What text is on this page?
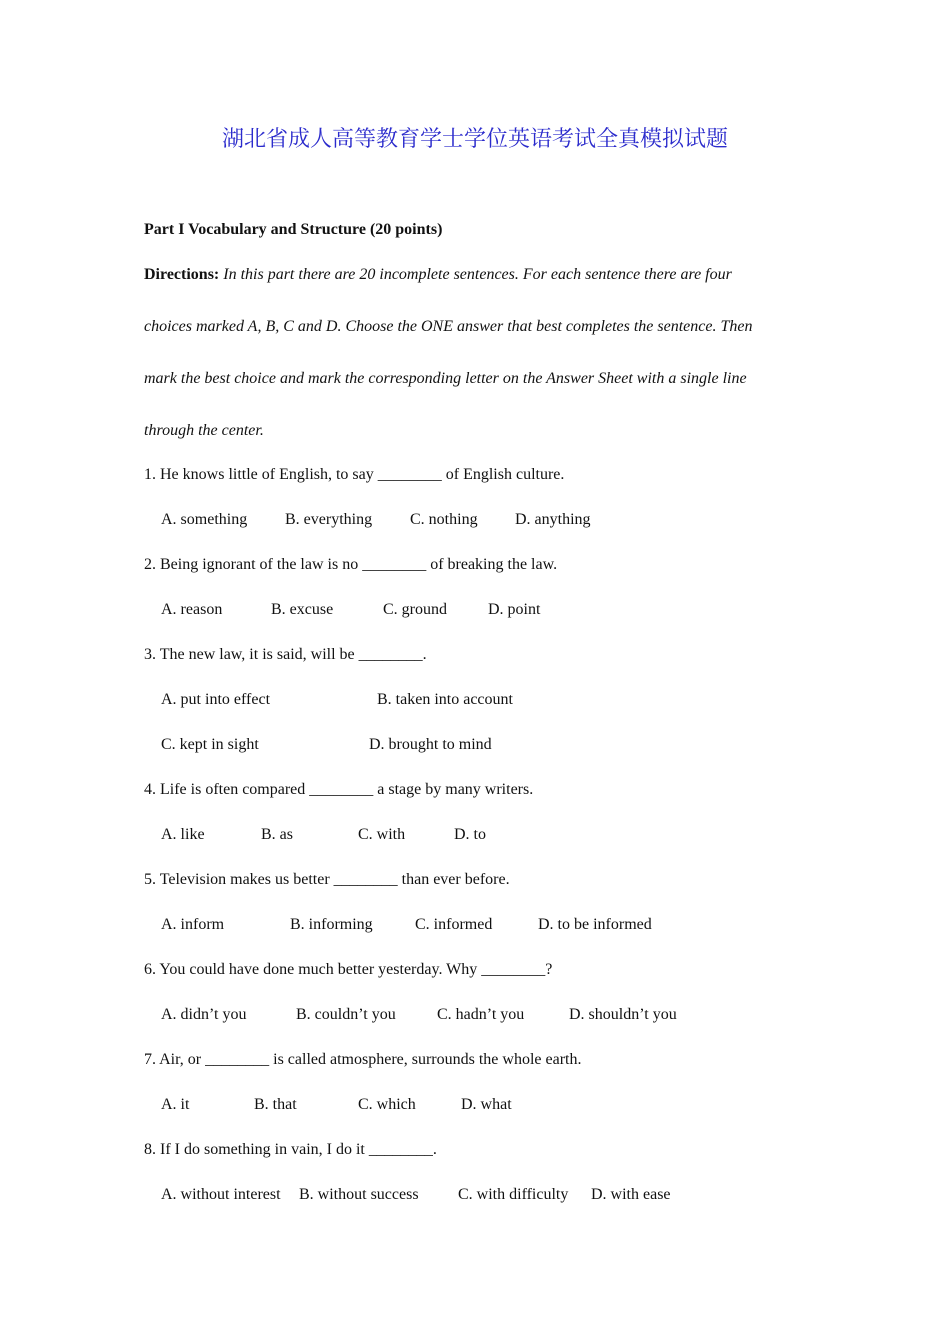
湖北省成人高等教育学士学位英语考试全真模拟试题
Part I Vocabulary and Structure (20 points)
Directions: In this part there are 20 incomplete sentences. For each sentence there are four
choices marked A, B, C and D. Choose the ONE answer that best completes the sentence. Then
mark the best choice and mark the corresponding letter on the Answer Sheet with a single line
through the center.
1. He knows little of English, to say ________ of English culture.
A. something B. everything C. nothing D. anything
2. Being ignorant of the law is no ________ of breaking the law.
A. reason	B. excuse	C. ground	D. point
3. The new law, it is said, will be ________.
A. put into effect	B. taken into account
C. kept in sight	D. brought to mind
4. Life is often compared ________ a stage by many writers.
A. like	B. as	C. with	D. to
5. Television makes us better ________ than ever before.
A. inform	B. informing	C. informed	D. to be informed
6. You could have done much better yesterday. Why ________?
A. didn’t you	B. couldn’t you	C. hadn’t you	D. shouldn’t you
7. Air, or ________ is called atmosphere, surrounds the whole earth.
A. it	B. that	C. which	D. what
8. If I do something in vain, I do it ________.
A. without interest B. without success C. with difficulty D. with ease
